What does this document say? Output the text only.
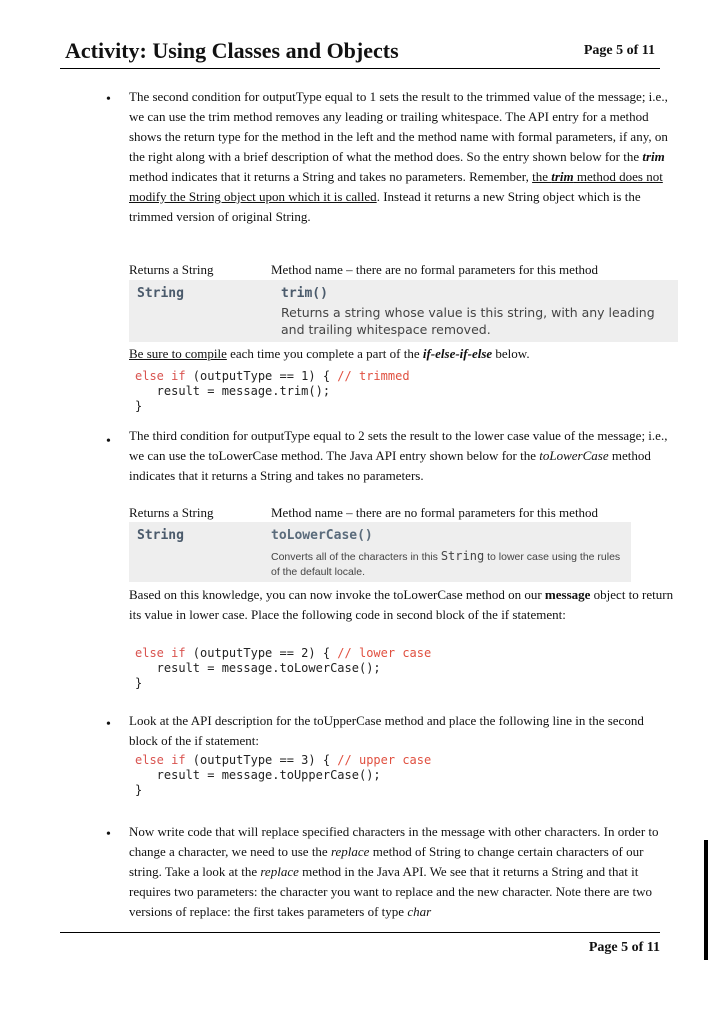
Activity: Using Classes and Objects	Page 5 of 11
• The second condition for outputType equal to 1 sets the result to the trimmed value of the message; i.e., we can use the trim method removes any leading or trailing whitespace. The API entry for a method shows the return type for the method in the left and the method name with formal parameters, if any, on the right along with a brief description of what the method does. So the entry shown below for the trim method indicates that it returns a String and takes no parameters. Remember, the trim method does not modify the String object upon which it is called. Instead it returns a new String object which is the trimmed version of original String.

Returns a String	Method name – there are no formal parameters for this method
String	trim()
Returns a string whose value is this string, with any leading and trailing whitespace removed.

Be sure to compile each time you complete a part of the if-else-if-else below.

else if (outputType == 1) { // trimmed
result = message.trim();
}
• The third condition for outputType equal to 2 sets the result to the lower case value of the message; i.e., we can use the toLowerCase method. The Java API entry shown below for the toLowerCase method indicates that it returns a String and takes no parameters.

Returns a String	Method name – there are no formal parameters for this method
String	toLowerCase()
Converts all of the characters in this String to lower case using the rules of the default locale.

Based on this knowledge, you can now invoke the toLowerCase method on our message object to return its value in lower case. Place the following code in second block of the if statement:

else if (outputType == 2) { // lower case
result = message.toLowerCase();
}
• Look at the API description for the toUpperCase method and place the following line in the second block of the if statement:

else if (outputType == 3) { // upper case
result = message.toUpperCase();
}
• Now write code that will replace specified characters in the message with other characters. In order to change a character, we need to use the replace method of String to change certain characters of our string. Take a look at the replace method in the Java API. We see that it returns a String and that it requires two parameters: the character you want to replace and the new character. Note there are two versions of replace: the first takes parameters of type char

Page 5 of 11
